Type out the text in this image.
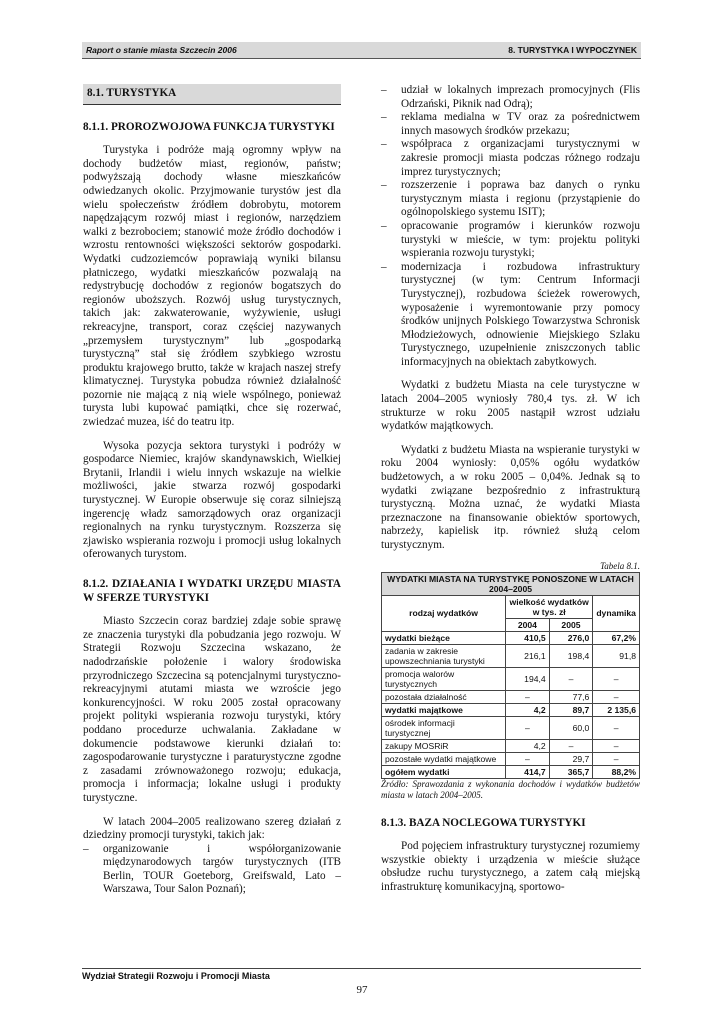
Raport o stanie miasta Szczecin 2006	8. TURYSTYKA I WYPOCZYNEK
8.1. TURYSTYKA

8.1.1. PROROZWOJOWA FUNKCJA TURYSTYKI

Turystyka i podróże mają ogromny wpływ na dochody budżetów miast, regionów, państw; podwyższają dochody własne mieszkańców odwiedzanych okolic. Przyjmowanie turystów jest dla wielu społeczeństw źródłem dobrobytu, motorem napędzającym rozwój miast i regionów, narzędziem walki z bezrobociem; stanowić może źródło dochodów i wzrostu rentowności większości sektorów gospodarki. Wydatki cudzoziemców poprawiają wyniki bilansu płatniczego, wydatki mieszkańców pozwalają na redystrybucję dochodów z regionów bogatszych do regionów uboższych. Rozwój usług turystycznych, takich jak: zakwaterowanie, wyżywienie, usługi rekreacyjne, transport, coraz częściej nazywanych „przemysłem turystycznym” lub „gospodarką turystyczną” stał się źródłem szybkiego wzrostu produktu krajowego brutto, także w krajach naszej strefy klimatycznej. Turystyka pobudza również działalność pozornie nie mającą z nią wiele wspólnego, ponieważ turysta lubi kupować pamiątki, chce się rozerwać, zwiedzać muzea, iść do teatru itp.

Wysoka pozycja sektora turystyki i podróży w gospodarce Niemiec, krajów skandynawskich, Wielkiej Brytanii, Irlandii i wielu innych wskazuje na wielkie możliwości, jakie stwarza rozwój gospodarki turystycznej. W Europie obserwuje się coraz silniejszą ingerencję władz samorządowych oraz organizacji regionalnych na rynku turystycznym. Rozszerza się zjawisko wspierania rozwoju i promocji usług lokalnych oferowanych turystom.

8.1.2. DZIAŁANIA I WYDATKI URZĘDU MIASTA W SFERZE TURYSTYKI

Miasto Szczecin coraz bardziej zdaje sobie sprawę ze znaczenia turystyki dla pobudzania jego rozwoju. W Strategii Rozwoju Szczecina wskazano, że nadodrzańskie położenie i walory środowiska przyrodniczego Szczecina są potencjalnymi turystyczno-rekreacyjnymi atutami miasta we wzroście jego konkurencyjności. W roku 2005 został opracowany projekt polityki wspierania rozwoju turystyki, który poddano procedurze uchwalania. Zakładane w dokumencie podstawowe kierunki działań to: zagospodarowanie turystyczne i paraturystyczne zgodne z zasadami zrównoważonego rozwoju; edukacja, promocja i informacja; lokalne usługi i produkty turystyczne.

W latach 2004–2005 realizowano szereg działań z dziedziny promocji turystyki, takich jak:

– organizowanie i współorganizowanie międzynarodowych targów turystycznych (ITB Berlin, TOUR Goeteborg, Greifswald, Lato – Warszawa, Tour Salon Poznań);
– udział w lokalnych imprezach promocyjnych (Flis Odrzański, Piknik nad Odrą);
– reklama medialna w TV oraz za pośrednictwem innych masowych środków przekazu;
– współpraca z organizacjami turystycznymi w zakresie promocji miasta podczas różnego rodzaju imprez turystycznych;
– rozszerzenie i poprawa baz danych o rynku turystycznym miasta i regionu (przystąpienie do ogólnopolskiego systemu ISIT);
– opracowanie programów i kierunków rozwoju turystyki w mieście, w tym: projektu polityki wspierania rozwoju turystyki;
– modernizacja i rozbudowa infrastruktury turystycznej (w tym: Centrum Informacji Turystycznej), rozbudowa ścieżek rowerowych, wyposażenie i wyremontowanie przy pomocy środków unijnych Polskiego Towarzystwa Schronisk Młodzieżowych, odnowienie Miejskiego Szlaku Turystycznego, uzupełnienie zniszczonych tablic informacyjnych na obiektach zabytkowych.

Wydatki z budżetu Miasta na cele turystyczne w latach 2004–2005 wyniosły 780,4 tys. zł. W ich strukturze w roku 2005 nastąpił wzrost udziału wydatków majątkowych.

Wydatki z budżetu Miasta na wspieranie turystyki w roku 2004 wyniosły: 0,05% ogółu wydatków budżetowych, a w roku 2005 – 0,04%. Jednak są to wydatki związane bezpośrednio z infrastrukturą turystyczną. Można uznać, że wydatki Miasta przeznaczone na finansowanie obiektów sportowych, nabrzeży, kapielisk itp. również służą celom turystycznym.

Tabela 8.1.
WYDATKI MIASTA NA TURYSTYKĘ PONOSZONE W LATACH 2004–2005			
rodzaj wydatków	wielkość wydatków w tys. zł		dynamika
	2004	2005	
wydatki bieżące	410,5	276,0	67,2%
zadania w zakresie upowszechniania turystyki	216,1	198,4	91,8
promocja walorów turystycznych	194,4	–	–
pozostała działalność	–	77,6	–
wydatki majątkowe	4,2	89,7	2 135,6
ośrodek informacji turystycznej	–	60,0	–
zakupy MOSRiR	4,2	–	–
pozostałe wydatki majątkowe	–	29,7	–
ogółem wydatki	414,7	365,7	88,2%

Źródło: Sprawozdania z wykonania dochodów i wydatków budżetów miasta w latach 2004–2005.

8.1.3. BAZA NOCLEGOWA TURYSTYKI

Pod pojęciem infrastruktury turystycznej rozumiemy wszystkie obiekty i urządzenia w mieście służące obsłudze ruchu turystycznego, a zatem całą miejską infrastrukturę komunikacyjną, sportowo-

Wydział Strategii Rozwoju i Promocji Miasta
97
